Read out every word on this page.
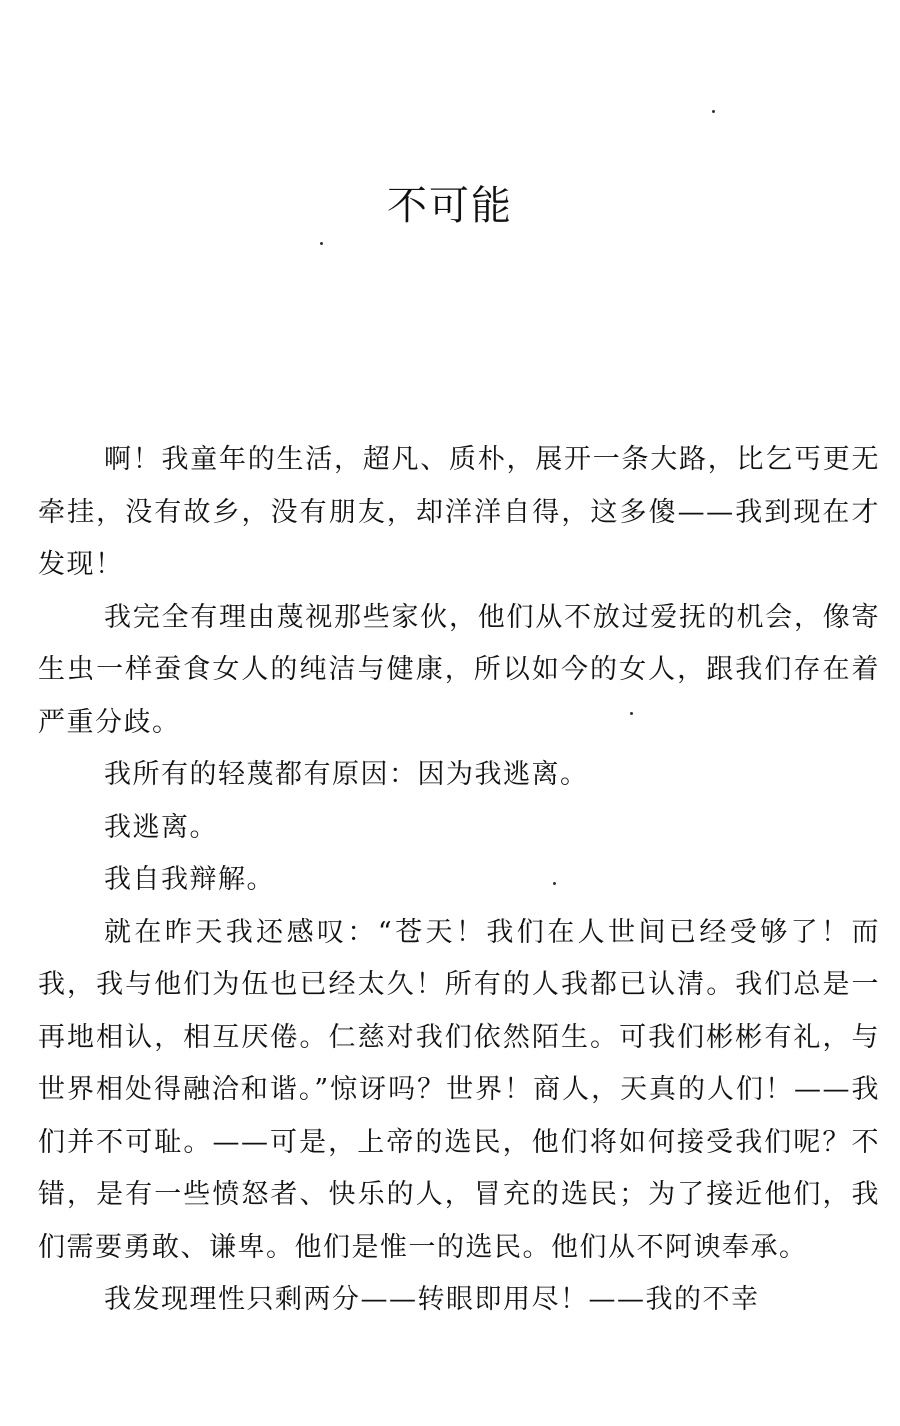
不可能

啊！我童年的生活，超凡、质朴，展开一条大路，比乞丐更无牵挂，没有故乡，没有朋友，却洋洋自得，这多傻——我到现在才发现！

我完全有理由蔑视那些家伙，他们从不放过爱抚的机会，像寄生虫一样蚕食女人的纯洁与健康，所以如今的女人，跟我们存在着严重分歧。

我所有的轻蔑都有原因：因为我逃离。

我逃离。

我自我辩解。

就在昨天我还感叹：“苍天！我们在人世间已经受够了！而我，我与他们为伍也已经太久！所有的人我都已认清。我们总是一再地相认，相互厌倦。仁慈对我们依然陌生。可我们彬彬有礼，与世界相处得融洽和谐。”惊讶吗？世界！商人，天真的人们！——我们并不可耻。——可是，上帝的选民，他们将如何接受我们呢？不错，是有一些愤怒者、快乐的人，冒充的选民；为了接近他们，我们需要勇敢、谦卑。他们是惟一的选民。他们从不阿谀奉承。

我发现理性只剩两分——转眼即用尽！——我的不幸
